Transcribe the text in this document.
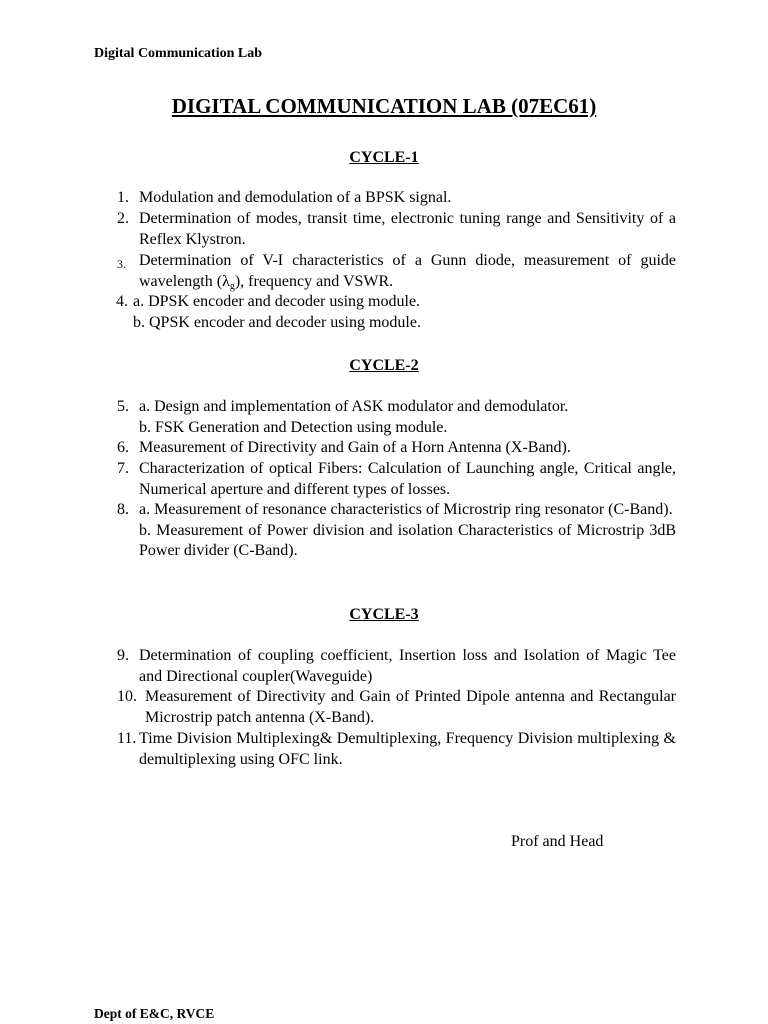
Digital Communication Lab
DIGITAL COMMUNICATION LAB (07EC61)
CYCLE-1
1. Modulation and demodulation of a BPSK signal.

2. Determination of modes, transit time, electronic tuning range and Sensitivity of a Reflex Klystron.

3. Determination of V-I characteristics of a Gunn diode, measurement of guide wavelength $(\lambda_g)$, frequency and VSWR.

4. a. DPSK encoder and decoder using module.
b. QPSK encoder and decoder using module.
CYCLE-2
5. a. Design and implementation of ASK modulator and demodulator.
b. FSK Generation and Detection using module.
6. Measurement of Directivity and Gain of a Horn Antenna (X-Band).

7. Characterization of optical Fibers: Calculation of Launching angle, Critical angle, Numerical aperture and different types of losses.

8. a. Measurement of resonance characteristics of Microstrip ring resonator (C-Band).

b. Measurement of Power division and isolation Characteristics of Microstrip 3dB Power divider (C-Band).

CYCLE-3
9. Determination of coupling coefficient, Insertion loss and Isolation of Magic Tee and Directional coupler(Waveguide)

10. Measurement of Directivity and Gain of Printed Dipole antenna and Rectangular Microstrip patch antenna (X-Band).

11. Time Division Multiplexing& Demultiplexing, Frequency Division multiplexing & demultiplexing using OFC link.

Prof and Head
Dept of E&C, RVCE
